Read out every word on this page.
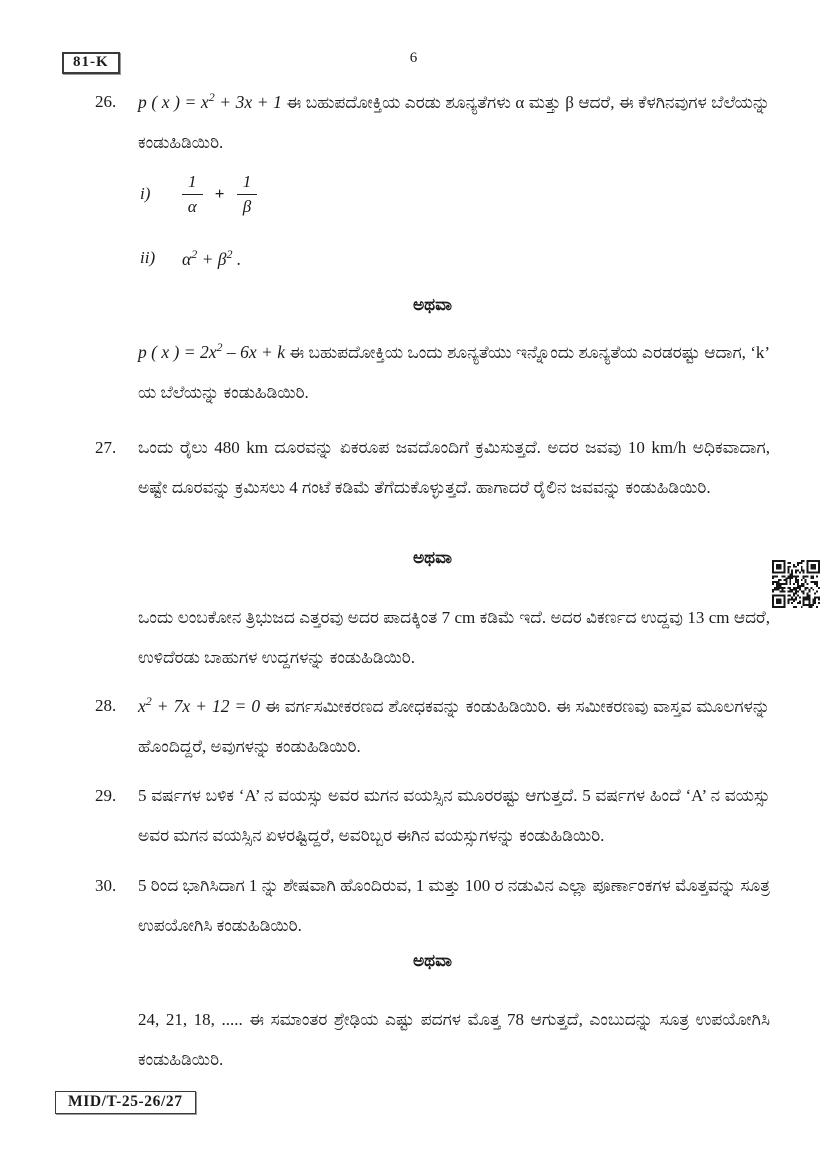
81-K	6
26.	p ( x ) = $x^2 + 3x + 1$ ಈ ಬಹುಪದೋಕ್ತಿಯ ಎರಡು ಶೂನ್ಯತೆಗಳು α ಮತ್ತು β ಆದರೆ, ಈ ಕೆಳಗಿನವುಗಳ ಬೆಲೆಯನ್ನು ಕಂಡುಹಿಡಿಯಿರಿ.
i)	$\frac{1}{\alpha} + \frac{1}{\beta}$
ii)	$\alpha^2 + \beta^2$ .
ಅಥವಾ
p ( x ) = $2x^2 - 6x + k$ ಈ ಬಹುಪದೋಕ್ತಿಯ ಒಂದು ಶೂನ್ಯತೆಯು ಇನ್ನೊಂದು ಶೂನ್ಯತೆಯ ಎರಡರಷ್ಟು ಆದಾಗ, ‘k’ ಯ ಬೆಲೆಯನ್ನು ಕಂಡುಹಿಡಿಯಿರಿ.
27.	ಒಂದು ರೈಲು 480 km ದೂರವನ್ನು ಏಕರೂಪ ಜವದೊಂದಿಗೆ ಕ್ರಮಿಸುತ್ತದೆ. ಅದರ ಜವವು 10 km/h ಅಧಿಕವಾದಾಗ, ಅಷ್ಟೇ ದೂರವನ್ನು ಕ್ರಮಿಸಲು 4 ಗಂಟೆ ಕಡಿಮೆ ತೆಗೆದುಕೊಳ್ಳುತ್ತದೆ. ಹಾಗಾದರೆ ರೈಲಿನ ಜವವನ್ನು ಕಂಡುಹಿಡಿಯಿರಿ.
ಅಥವಾ
ಒಂದು ಲಂಬಕೋನ ತ್ರಿಭುಜದ ಎತ್ತರವು ಅದರ ಪಾದಕ್ಕಿಂತ 7 cm ಕಡಿಮೆ ಇದೆ. ಅದರ ವಿಕರ್ಣದ ಉದ್ದವು 13 cm ಆದರೆ, ಉಳಿದೆರಡು ಬಾಹುಗಳ ಉದ್ದಗಳನ್ನು ಕಂಡುಹಿಡಿಯಿರಿ.
28.	$x^2 + 7x + 12 = 0$ ಈ ವರ್ಗಸಮೀಕರಣದ ಶೋಧಕವನ್ನು ಕಂಡುಹಿಡಿಯಿರಿ. ಈ ಸಮೀಕರಣವು ವಾಸ್ತವ ಮೂಲಗಳನ್ನು ಹೊಂದಿದ್ದರೆ, ಅವುಗಳನ್ನು ಕಂಡುಹಿಡಿಯಿರಿ.
29.	5 ವರ್ಷಗಳ ಬಳಿಕ ‘A’ ನ ವಯಸ್ಸು ಅವರ ಮಗನ ವಯಸ್ಸಿನ ಮೂರರಷ್ಟು ಆಗುತ್ತದೆ. 5 ವರ್ಷಗಳ ಹಿಂದೆ ‘A’ ನ ವಯಸ್ಸು ಅವರ ಮಗನ ವಯಸ್ಸಿನ ಏಳರಷ್ಟಿದ್ದರೆ, ಅವರಿಬ್ಬರ ಈಗಿನ ವಯಸ್ಸುಗಳನ್ನು ಕಂಡುಹಿಡಿಯಿರಿ.
30.	5 ರಿಂದ ಭಾಗಿಸಿದಾಗ 1 ನ್ನು ಶೇಷವಾಗಿ ಹೊಂದಿರುವ, 1 ಮತ್ತು 100 ರ ನಡುವಿನ ಎಲ್ಲಾ ಪೂರ್ಣಾಂಕಗಳ ಮೊತ್ತವನ್ನು ಸೂತ್ರ ಉಪಯೋಗಿಸಿ ಕಂಡುಹಿಡಿಯಿರಿ.
ಅಥವಾ
24, 21, 18, ..... ಈ ಸಮಾಂತರ ಶ್ರೇಢಿಯ ಎಷ್ಟು ಪದಗಳ ಮೊತ್ತ 78 ಆಗುತ್ತದೆ, ಎಂಬುದನ್ನು ಸೂತ್ರ ಉಪಯೋಗಿಸಿ ಕಂಡುಹಿಡಿಯಿರಿ.
MID/T-25-26/27
